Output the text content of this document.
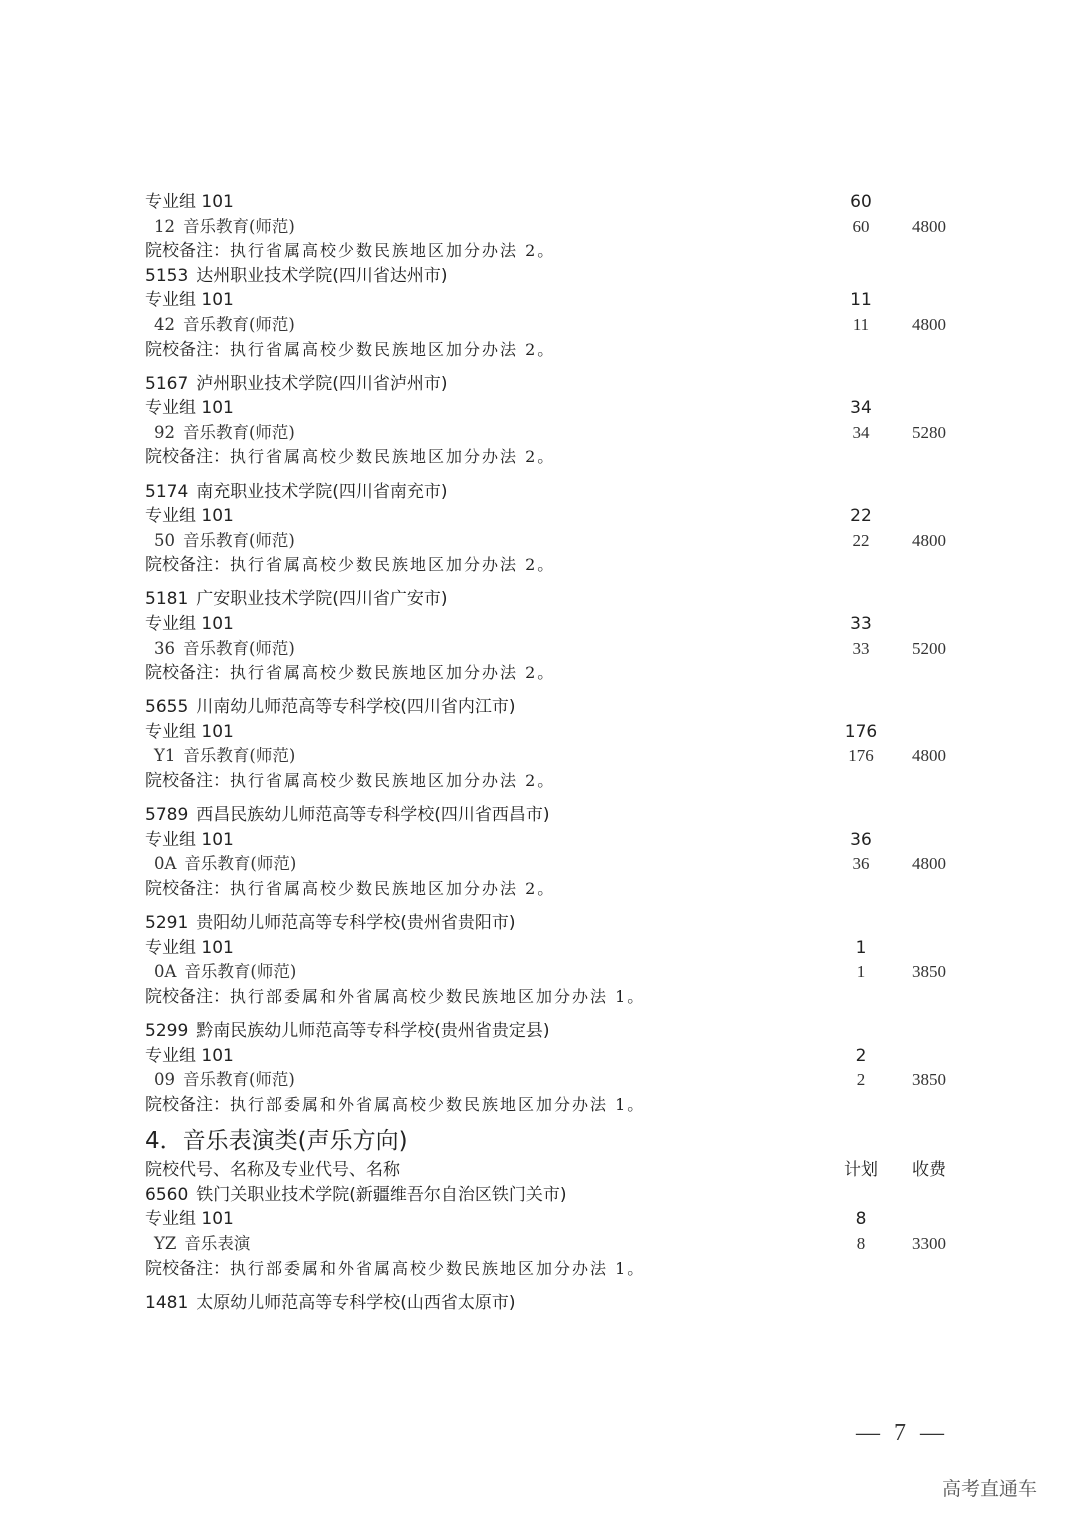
专业组 101	60
12 音乐教育(师范)	60	4800
院校备注：执行省属高校少数民族地区加分办法 2。
5153 达州职业技术学院(四川省达州市)
专业组 101	11
42 音乐教育(师范)	11	4800
院校备注：执行省属高校少数民族地区加分办法 2。
5167 泸州职业技术学院(四川省泸州市)
专业组 101	34
92 音乐教育(师范)	34	5280
院校备注：执行省属高校少数民族地区加分办法 2。
5174 南充职业技术学院(四川省南充市)
专业组 101	22
50 音乐教育(师范)	22	4800
院校备注：执行省属高校少数民族地区加分办法 2。
5181 广安职业技术学院(四川省广安市)
专业组 101	33
36 音乐教育(师范)	33	5200
院校备注：执行省属高校少数民族地区加分办法 2。
5655 川南幼儿师范高等专科学校(四川省内江市)
专业组 101	176
Y1 音乐教育(师范)	176	4800
院校备注：执行省属高校少数民族地区加分办法 2。
5789 西昌民族幼儿师范高等专科学校(四川省西昌市)
专业组 101	36
0A 音乐教育(师范)	36	4800
院校备注：执行省属高校少数民族地区加分办法 2。
5291 贵阳幼儿师范高等专科学校(贵州省贵阳市)
专业组 101	1
0A 音乐教育(师范)	1	3850
院校备注：执行部委属和外省属高校少数民族地区加分办法 1。
5299 黔南民族幼儿师范高等专科学校(贵州省贵定县)
专业组 101	2
09 音乐教育(师范)	2	3850
院校备注：执行部委属和外省属高校少数民族地区加分办法 1。
4．音乐表演类(声乐方向)
院校代号、名称及专业代号、名称	计划	收费
6560 铁门关职业技术学院(新疆维吾尔自治区铁门关市)
专业组 101	8
YZ 音乐表演	8	3300
院校备注：执行部委属和外省属高校少数民族地区加分办法 1。
1481 太原幼儿师范高等专科学校(山西省太原市)
— 7 —
高考直通车
